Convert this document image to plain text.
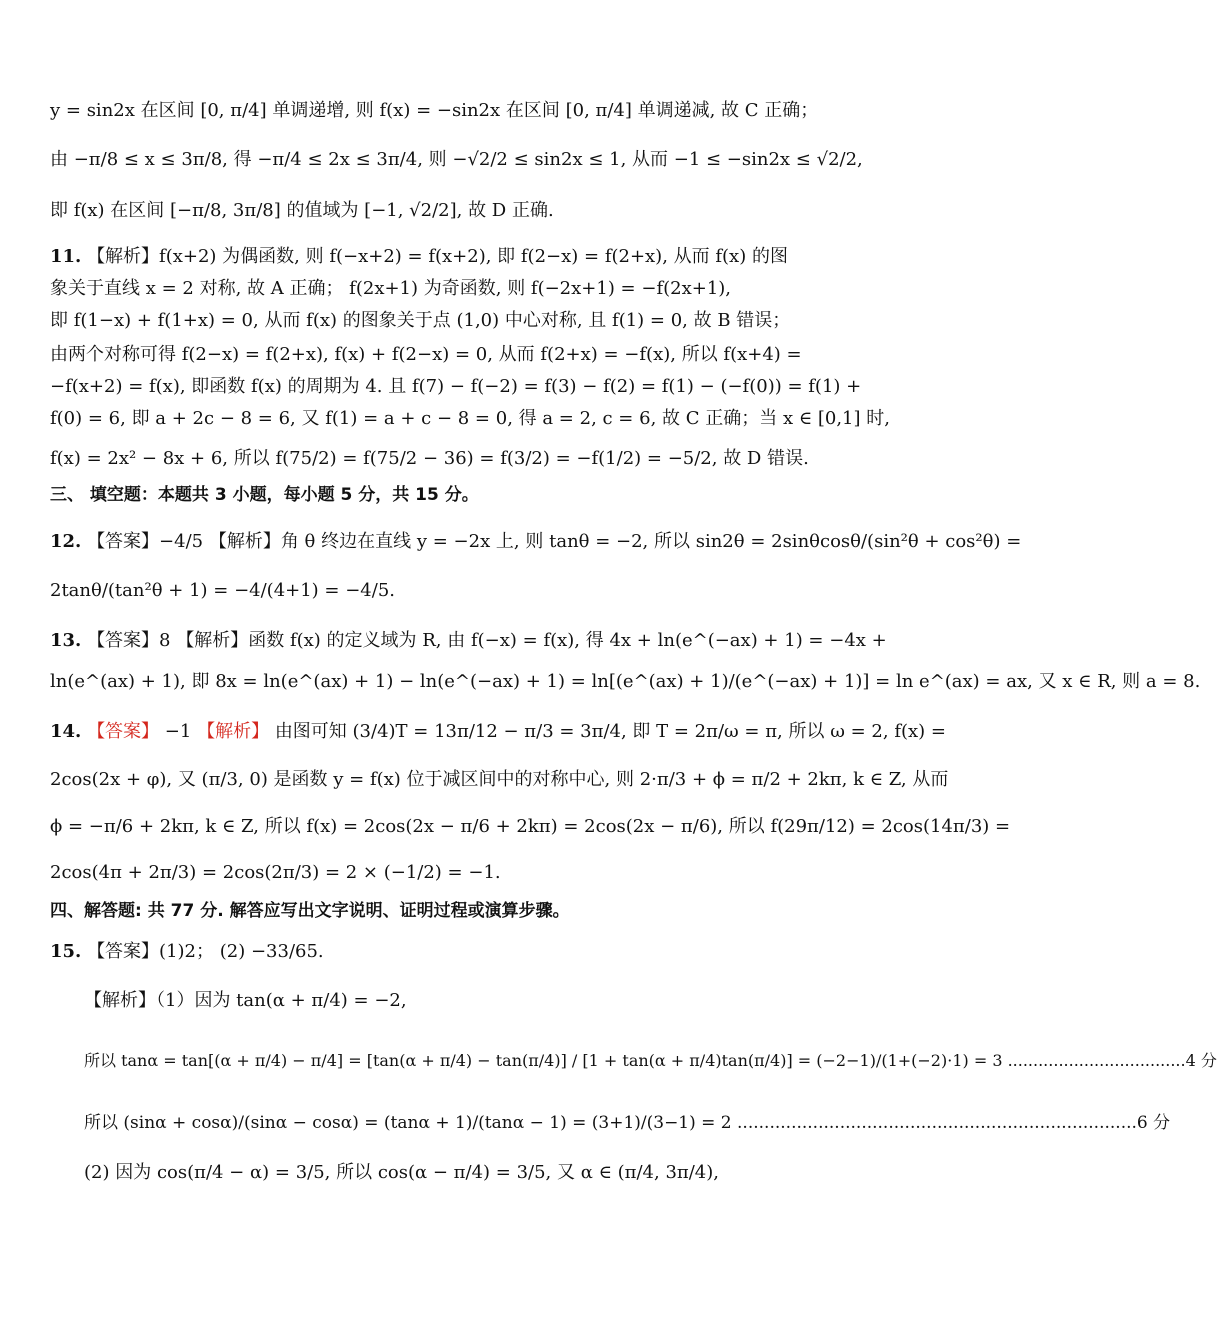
y = sin2x 在区间 [0, π/4] 单调递增, 则 f(x) = −sin2x 在区间 [0, π/4] 单调递减, 故 C 正确；
由 −π/8 ≤ x ≤ 3π/8, 得 −π/4 ≤ 2x ≤ 3π/4, 则 −√2/2 ≤ sin2x ≤ 1, 从而 −1 ≤ −sin2x ≤ √2/2,
即 f(x) 在区间 [−π/8, 3π/8] 的值域为 [−1, √2/2], 故 D 正确.
11. 【解析】f(x+2) 为偶函数, 则 f(−x+2) = f(x+2), 即 f(2−x) = f(2+x), 从而 f(x) 的图
象关于直线 x = 2 对称, 故 A 正确； f(2x+1) 为奇函数, 则 f(−2x+1) = −f(2x+1),
即 f(1−x) + f(1+x) = 0, 从而 f(x) 的图象关于点 (1,0) 中心对称, 且 f(1) = 0, 故 B 错误；
由两个对称可得 f(2−x) = f(2+x), f(x) + f(2−x) = 0, 从而 f(2+x) = −f(x), 所以 f(x+4) =
−f(x+2) = f(x), 即函数 f(x) 的周期为 4. 且 f(7) − f(−2) = f(3) − f(2) = f(1) − (−f(0)) = f(1) +
f(0) = 6, 即 a + 2c − 8 = 6, 又 f(1) = a + c − 8 = 0, 得 a = 2, c = 6, 故 C 正确；当 x ∈ [0,1] 时,
f(x) = 2x² − 8x + 6, 所以 f(75/2) = f(75/2 − 36) = f(3/2) = −f(1/2) = −5/2, 故 D 错误.
三、 填空题：本题共 3 小题，每小题 5 分，共 15 分。
12. 【答案】−4/5 【解析】角 θ 终边在直线 y = −2x 上, 则 tanθ = −2, 所以 sin2θ = 2sinθcosθ/(sin²θ + cos²θ) =
2tanθ/(tan²θ + 1) = −4/(4+1) = −4/5.
13. 【答案】8 【解析】函数 f(x) 的定义域为 R, 由 f(−x) = f(x), 得 4x + ln(e^(−ax) + 1) = −4x +
ln(e^(ax) + 1), 即 8x = ln(e^(ax) + 1) − ln(e^(−ax) + 1) = ln[(e^(ax) + 1)/(e^(−ax) + 1)] = ln e^(ax) = ax, 又 x ∈ R, 则 a = 8.
14. 【答案】 −1 【解析】 由图可知 (3/4)T = 13π/12 − π/3 = 3π/4, 即 T = 2π/ω = π, 所以 ω = 2, f(x) =
2cos(2x + φ), 又 (π/3, 0) 是函数 y = f(x) 位于减区间中的对称中心, 则 2·π/3 + ϕ = π/2 + 2kπ, k ∈ Z, 从而
ϕ = −π/6 + 2kπ, k ∈ Z, 所以 f(x) = 2cos(2x − π/6 + 2kπ) = 2cos(2x − π/6), 所以 f(29π/12) = 2cos(14π/3) =
2cos(4π + 2π/3) = 2cos(2π/3) = 2 × (−1/2) = −1.
四、解答题: 共 77 分. 解答应写出文字说明、证明过程或演算步骤。
15. 【答案】(1)2； (2) −33/65.
【解析】（1）因为 tan(α + π/4) = −2,
所以 tanα = tan[(α + π/4) − π/4] = [tan(α + π/4) − tan(π/4)] / [1 + tan(α + π/4)tan(π/4)] = (−2−1)/(1+(−2)·1) = 3 ...................................4 分
所以 (sinα + cosα)/(sinα − cosα) = (tanα + 1)/(tanα − 1) = (3+1)/(3−1) = 2 ..........................................................................6 分
(2) 因为 cos(π/4 − α) = 3/5, 所以 cos(α − π/4) = 3/5, 又 α ∈ (π/4, 3π/4),
